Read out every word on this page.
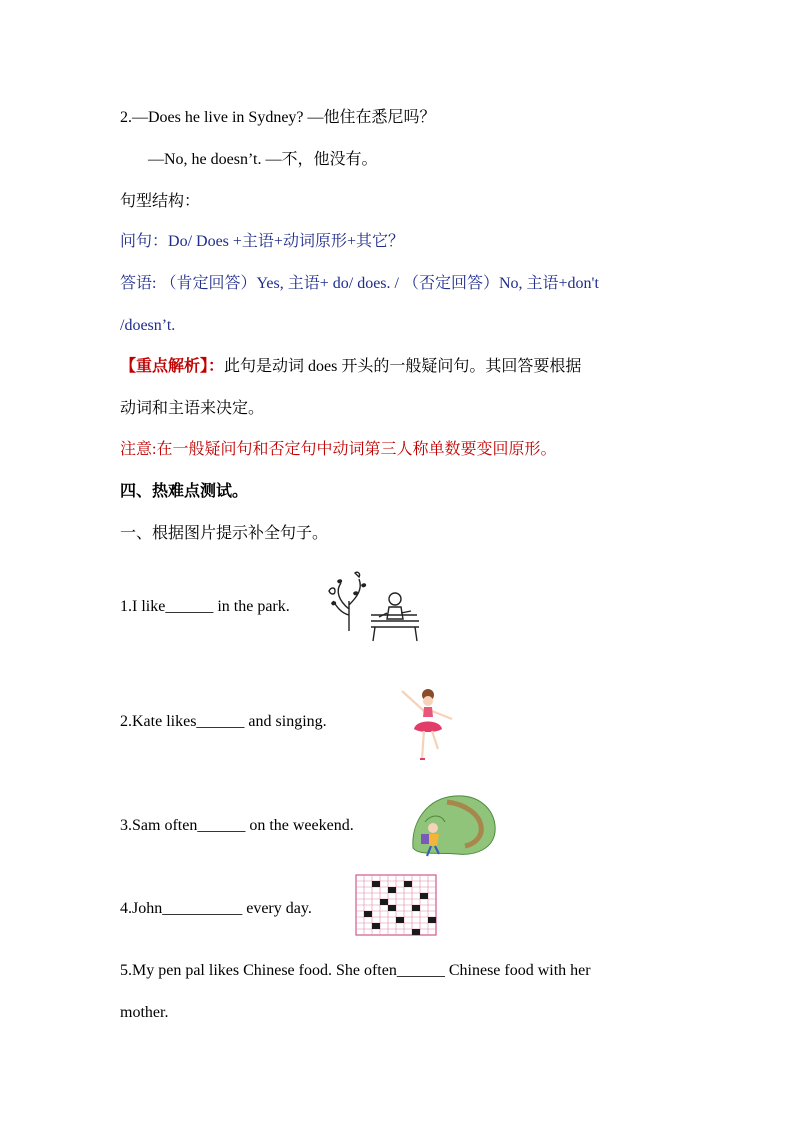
2.—Does he live in Sydney? —他住在悉尼吗？
—No, he doesn’t. —不，他没有。
句型结构：
问句：Do/ Does +主语+动词原形+其它？
答语: （肯定回答）Yes, 主语+ do/ does. / （否定回答）No, 主语+don't
/doesn’t.
【重点解析】：此句是动词 does 开头的一般疑问句。其回答要根据
动词和主语来决定。
注意:在一般疑问句和否定句中动词第三人称单数要变回原形。
四、热难点测试。
一、根据图片提示补全句子。
1.I like______ in the park.
2.Kate likes______ and singing.
3.Sam often______ on the weekend.
4.John__________ every day.
5.My pen pal likes Chinese food. She often______ Chinese food with her
mother.
